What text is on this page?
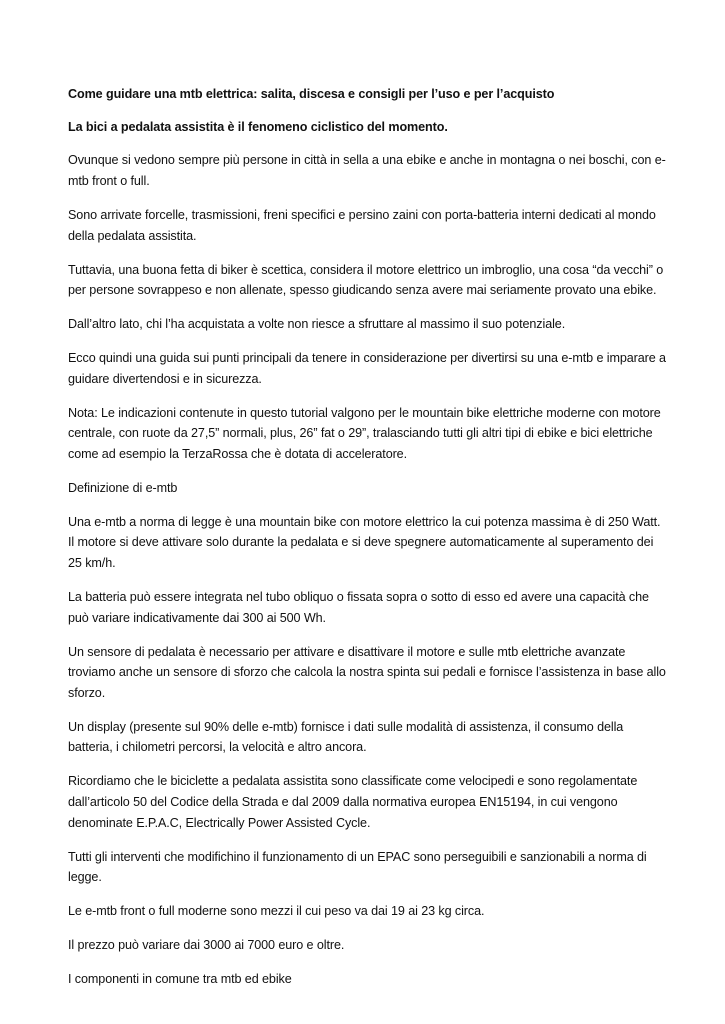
Come guidare una mtb elettrica: salita, discesa e consigli per l’uso e per l’acquisto

La bici a pedalata assistita è il fenomeno ciclistico del momento.

Ovunque si vedono sempre più persone in città in sella a una ebike e anche in montagna o nei boschi, con e-mtb front o full.

Sono arrivate forcelle, trasmissioni, freni specifici e persino zaini con porta-batteria interni dedicati al mondo della pedalata assistita.

Tuttavia, una buona fetta di biker è scettica, considera il motore elettrico un imbroglio, una cosa “da vecchi” o per persone sovrappeso e non allenate, spesso giudicando senza avere mai seriamente provato una ebike.

Dall’altro lato, chi l’ha acquistata a volte non riesce a sfruttare al massimo il suo potenziale.

Ecco quindi una guida sui punti principali da tenere in considerazione per divertirsi su una e-mtb e imparare a guidare divertendosi e in sicurezza.

Nota: Le indicazioni contenute in questo tutorial valgono per le mountain bike elettriche moderne con motore centrale, con ruote da 27,5” normali, plus, 26” fat o 29”, tralasciando tutti gli altri tipi di ebike e bici elettriche come ad esempio la TerzaRossa che è dotata di acceleratore.

Definizione di e-mtb

Una e-mtb a norma di legge è una mountain bike con motore elettrico la cui potenza massima è di 250 Watt. Il motore si deve attivare solo durante la pedalata e si deve spegnere automaticamente al superamento dei 25 km/h.

La batteria può essere integrata nel tubo obliquo o fissata sopra o sotto di esso ed avere una capacità che può variare indicativamente dai 300 ai 500 Wh.

Un sensore di pedalata è necessario per attivare e disattivare il motore e sulle mtb elettriche avanzate troviamo anche un sensore di sforzo che calcola la nostra spinta sui pedali e fornisce l’assistenza in base allo sforzo.

Un display (presente sul 90% delle e-mtb) fornisce i dati sulle modalità di assistenza, il consumo della batteria, i chilometri percorsi, la velocità e altro ancora.

Ricordiamo che le biciclette a pedalata assistita sono classificate come velocipedi e sono regolamentate dall’articolo 50 del Codice della Strada e dal 2009 dalla normativa europea EN15194, in cui vengono denominate E.P.A.C, Electrically Power Assisted Cycle.

Tutti gli interventi che modifichino il funzionamento di un EPAC sono perseguibili e sanzionabili a norma di legge.

Le e-mtb front o full moderne sono mezzi il cui peso va dai 19 ai 23 kg circa.

Il prezzo può variare dai 3000 ai 7000 euro e oltre.

I componenti in comune tra mtb ed ebike
